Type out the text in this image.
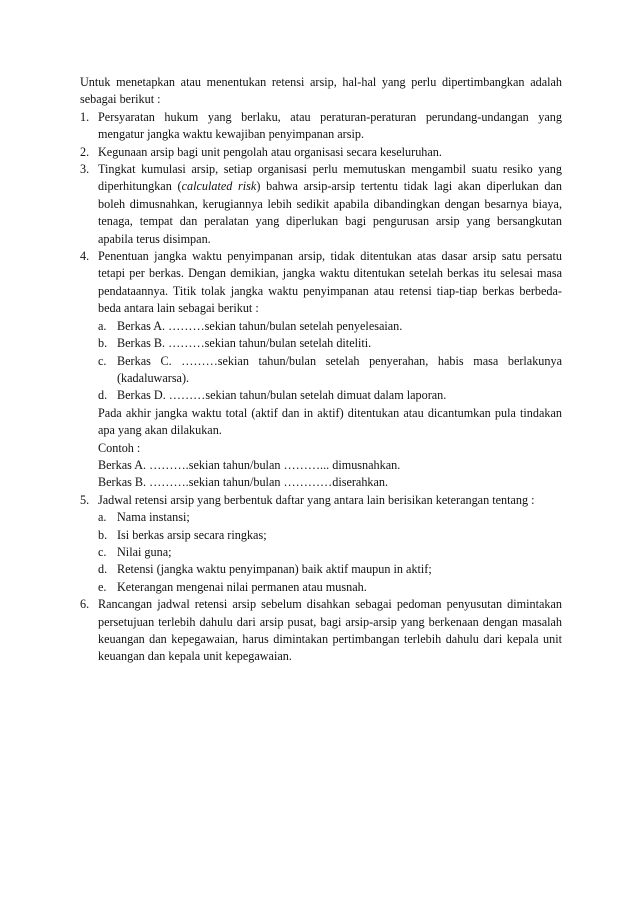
Untuk menetapkan atau menentukan retensi arsip, hal-hal yang perlu dipertimbangkan adalah sebagai berikut :

1. Persyaratan hukum yang berlaku, atau peraturan-peraturan perundang-undangan yang mengatur jangka waktu kewajiban penyimpanan arsip.
2. Kegunaan arsip bagi unit pengolah atau organisasi secara keseluruhan.
3. Tingkat kumulasi arsip, setiap organisasi perlu memutuskan mengambil suatu resiko yang diperhitungkan (calculated risk) bahwa arsip-arsip tertentu tidak lagi akan diperlukan dan boleh dimusnahkan, kerugiannya lebih sedikit apabila dibandingkan dengan besarnya biaya, tenaga, tempat dan peralatan yang diperlukan bagi pengurusan arsip yang bersangkutan apabila terus disimpan.
4. Penentuan jangka waktu penyimpanan arsip, tidak ditentukan atas dasar arsip satu persatu tetapi per berkas. Dengan demikian, jangka waktu ditentukan setelah berkas itu selesai masa pendataannya. Titik tolak jangka waktu penyimpanan atau retensi tiap-tiap berkas berbeda-beda antara lain sebagai berikut :
a. Berkas A. ………sekian tahun/bulan setelah penyelesaian.
b. Berkas B. ………sekian tahun/bulan setelah diteliti.
c. Berkas C. ………sekian tahun/bulan setelah penyerahan, habis masa berlakunya (kadaluwarsa).
d. Berkas D. ………sekian tahun/bulan setelah dimuat dalam laporan.
Pada akhir jangka waktu total (aktif dan in aktif) ditentukan atau dicantumkan pula tindakan apa yang akan dilakukan.
Contoh :
Berkas A. ……….sekian tahun/bulan ………... dimusnahkan.
Berkas B. ……….sekian tahun/bulan …………diserahkan.
5. Jadwal retensi arsip yang berbentuk daftar yang antara lain berisikan keterangan tentang :
a. Nama instansi;
b. Isi berkas arsip secara ringkas;
c. Nilai guna;
d. Retensi (jangka waktu penyimpanan) baik aktif maupun in aktif;
e. Keterangan mengenai nilai permanen atau musnah.
6. Rancangan jadwal retensi arsip sebelum disahkan sebagai pedoman penyusutan dimintakan persetujuan terlebih dahulu dari arsip pusat, bagi arsip-arsip yang berkenaan dengan masalah keuangan dan kepegawaian, harus dimintakan pertimbangan terlebih dahulu dari kepala unit keuangan dan kepala unit kepegawaian.
